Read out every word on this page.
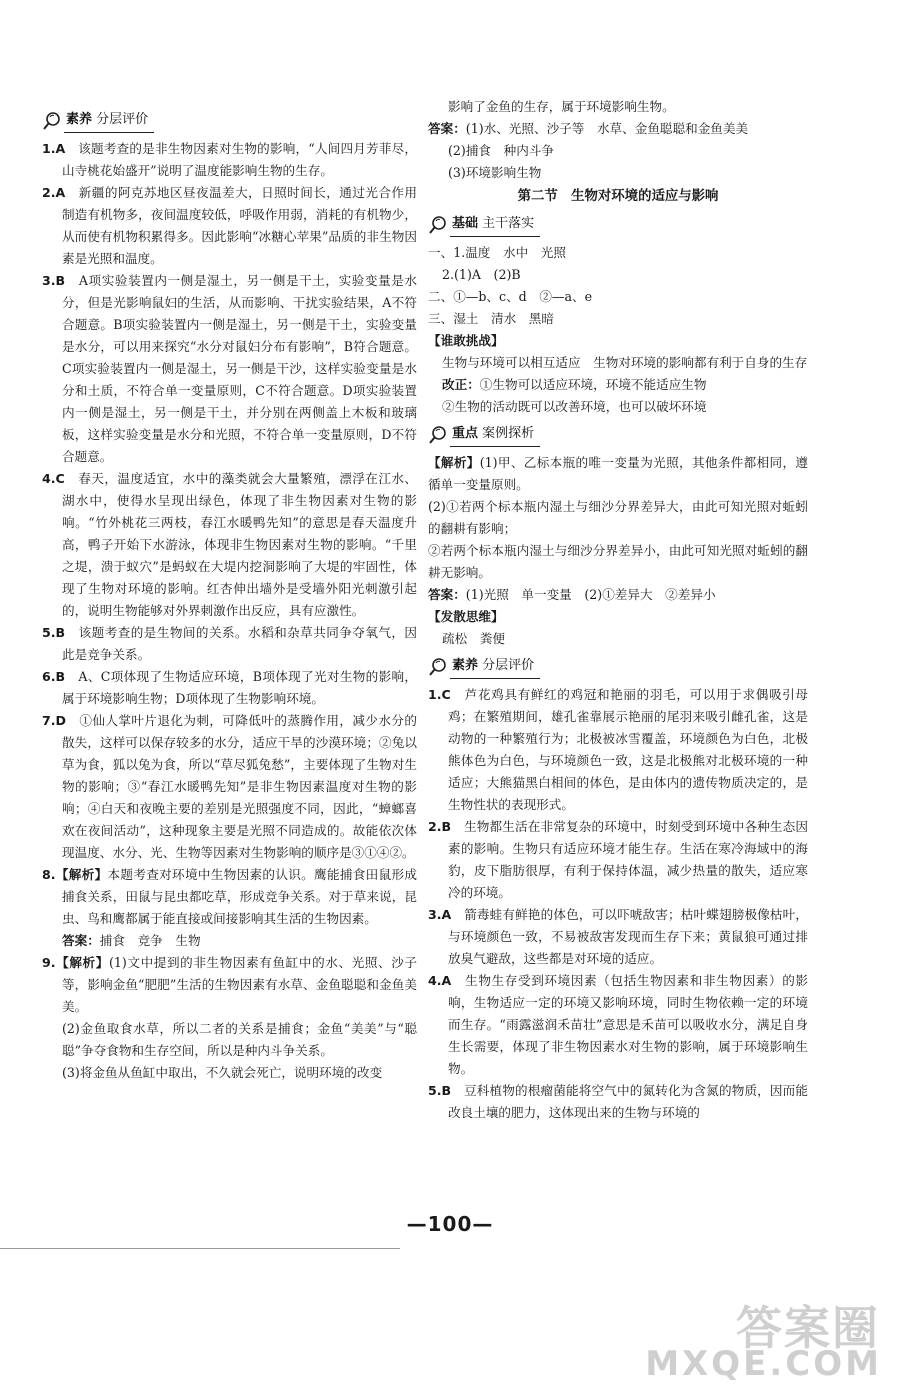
素养 分层评价

1.A　 该题考查的是非生物因素对生物的影响，“人间四月芳菲尽，山寺桃花始盛开”说明了温度能影响生物的生存。

2.A　 新疆的阿克苏地区昼夜温差大，日照时间长，通过光合作用制造有机物多，夜间温度较低，呼吸作用弱，消耗的有机物少，从而使有机物积累得多。因此影响“冰糖心苹果”品质的非生物因素是光照和温度。

3.B　 A项实验装置内一侧是湿土，另一侧是干土，实验变量是水分，但是光影响鼠妇的生活，从而影响、干扰实验结果，A不符合题意。B项实验装置内一侧是湿土，另一侧是干土，实验变量是水分，可以用来探究“水分对鼠妇分布有影响”，B符合题意。C项实验装置内一侧是湿土，另一侧是干沙，这样实验变量是水分和土质，不符合单一变量原则，C不符合题意。D项实验装置内一侧是湿土，另一侧是干土，并分别在两侧盖上木板和玻璃板，这样实验变量是水分和光照，不符合单一变量原则，D不符合题意。

4.C　 春天，温度适宜，水中的藻类就会大量繁殖，漂浮在江水、湖水中，使得水呈现出绿色，体现了非生物因素对生物的影响。“竹外桃花三两枝，春江水暖鸭先知”的意思是春天温度升高，鸭子开始下水游泳，体现非生物因素对生物的影响。“千里之堤，溃于蚁穴”是蚂蚁在大堤内挖洞影响了大堤的牢固性，体现了生物对环境的影响。红杏伸出墙外是受墙外阳光刺激引起的，说明生物能够对外界刺激作出反应，具有应激性。

5.B　 该题考查的是生物间的关系。水稻和杂草共同争夺氧气，因此是竞争关系。

6.B　 A、C项体现了生物适应环境，B项体现了光对生物的影响，属于环境影响生物；D项体现了生物影响环境。

7.D　 ①仙人掌叶片退化为刺，可降低叶的蒸腾作用，减少水分的散失，这样可以保存较多的水分，适应干旱的沙漠环境；②兔以草为食，狐以兔为食，所以“草尽狐兔愁”，主要体现了生物对生物的影响；③“春江水暖鸭先知”是非生物因素温度对生物的影响；④白天和夜晚主要的差别是光照强度不同，因此，“蟑螂喜欢在夜间活动”，这种现象主要是光照不同造成的。故能依次体现温度、水分、光、生物等因素对生物影响的顺序是③①④②。

8.【解析】本题考查对环境中生物因素的认识。鹰能捕食田鼠形成捕食关系，田鼠与昆虫都吃草，形成竞争关系。对于草来说，昆虫、鸟和鹰都属于能直接或间接影响其生活的生物因素。

答案：捕食　竞争　生物

9.【解析】(1)文中提到的非生物因素有鱼缸中的水、光照、沙子等，影响金鱼“肥肥”生活的生物因素有水草、金鱼聪聪和金鱼美美。

(2)金鱼取食水草，所以二者的关系是捕食；金鱼“美美”与“聪聪”争夺食物和生存空间，所以是种内斗争关系。

(3)将金鱼从鱼缸中取出，不久就会死亡，说明环境的改变

影响了金鱼的生存，属于环境影响生物。

答案：(1)水、光照、沙子等　水草、金鱼聪聪和金鱼美美

(2)捕食　种内斗争

(3)环境影响生物

第二节　生物对环境的适应与影响
基础 主干落实

一、1.温度　水中　光照

2.(1)A　(2)B

二、①—b、c、d　②—a、e

三、湿土　清水　黑暗

【谁敢挑战】

生物与环境可以相互适应　生物对环境的影响都有利于自身的生存

改正：①生物可以适应环境，环境不能适应生物

②生物的活动既可以改善环境，也可以破坏环境

重点 案例探析

【解析】(1)甲、乙标本瓶的唯一变量为光照，其他条件都相同，遵循单一变量原则。

(2)①若两个标本瓶内湿土与细沙分界差异大，由此可知光照对蚯蚓的翻耕有影响；

②若两个标本瓶内湿土与细沙分界差异小，由此可知光照对蚯蚓的翻耕无影响。

答案：(1)光照　单一变量　(2)①差异大　②差异小

【发散思维】

疏松　粪便

素养 分层评价

1.C　 芦花鸡具有鲜红的鸡冠和艳丽的羽毛，可以用于求偶吸引母鸡；在繁殖期间，雄孔雀靠展示艳丽的尾羽来吸引雌孔雀，这是动物的一种繁殖行为；北极被冰雪覆盖，环境颜色为白色，北极熊体色为白色，与环境颜色一致，这是北极熊对北极环境的一种适应；大熊猫黑白相间的体色，是由体内的遗传物质决定的，是生物性状的表现形式。

2.B　 生物都生活在非常复杂的环境中，时刻受到环境中各种生态因素的影响。生物只有适应环境才能生存。生活在寒冷海域中的海豹，皮下脂肪很厚，有利于保持体温，减少热量的散失，适应寒冷的环境。

3.A　 箭毒蛙有鲜艳的体色，可以吓唬敌害；枯叶蝶翅膀极像枯叶，与环境颜色一致，不易被敌害发现而生存下来；黄鼠狼可通过排放臭气避敌，这些都是对环境的适应。

4.A　 生物生存受到环境因素（包括生物因素和非生物因素）的影响，生物适应一定的环境又影响环境，同时生物依赖一定的环境而生存。“雨露滋润禾苗壮”意思是禾苗可以吸收水分，满足自身生长需要，体现了非生物因素水对生物的影响，属于环境影响生物。

5.B　 豆科植物的根瘤菌能将空气中的氮转化为含氮的物质，因而能改良土壤的肥力，这体现出来的生物与环境的

—100—
答案圈
MXQE.COM
